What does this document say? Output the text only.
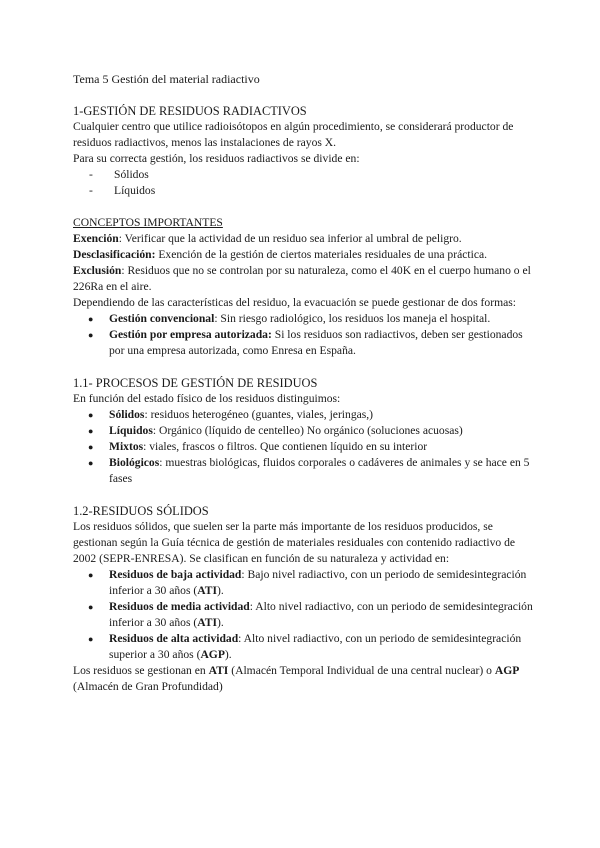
Tema 5 Gestión del material radiactivo

1-GESTIÓN DE RESIDUOS RADIACTIVOS

Cualquier centro que utilice radioisótopos en algún procedimiento, se considerará productor de residuos radiactivos, menos las instalaciones de rayos X.

Para su correcta gestión, los residuos radiactivos se divide en:

-	Sólidos
-	Líquidos

CONCEPTOS IMPORTANTES

Exención: Verificar que la actividad de un residuo sea inferior al umbral de peligro.

Desclasificación: Exención de la gestión de ciertos materiales residuales de una práctica.

Exclusión: Residuos que no se controlan por su naturaleza, como el 40K en el cuerpo humano o el 226Ra en el aire.

Dependiendo de las características del residuo, la evacuación se puede gestionar de dos formas:

● Gestión convencional: Sin riesgo radiológico, los residuos los maneja el hospital.
● Gestión por empresa autorizada: Si los residuos son radiactivos, deben ser gestionados por una empresa autorizada, como Enresa en España.

1.1- PROCESOS DE GESTIÓN DE RESIDUOS

En función del estado físico de los residuos distinguimos:

● Sólidos: residuos heterogéneo (guantes, viales, jeringas,)
● Líquidos: Orgánico (líquido de centelleo) No orgánico (soluciones acuosas)
● Mixtos: viales, frascos o filtros. Que contienen líquido en su interior
● Biológicos: muestras biológicas, fluidos corporales o cadáveres de animales y se hace en 5 fases

1.2-RESIDUOS SÓLIDOS

Los residuos sólidos, que suelen ser la parte más importante de los residuos producidos, se gestionan según la Guía técnica de gestión de materiales residuales con contenido radiactivo de 2002 (SEPR-ENRESA). Se clasifican en función de su naturaleza y actividad en:

● Residuos de baja actividad: Bajo nivel radiactivo, con un periodo de semidesintegración inferior a 30 años (ATI).
● Residuos de media actividad: Alto nivel radiactivo, con un periodo de semidesintegración inferior a 30 años (ATI).
● Residuos de alta actividad: Alto nivel radiactivo, con un periodo de semidesintegración superior a 30 años (AGP).

Los residuos se gestionan en ATI (Almacén Temporal Individual de una central nuclear) o AGP (Almacén de Gran Profundidad)
